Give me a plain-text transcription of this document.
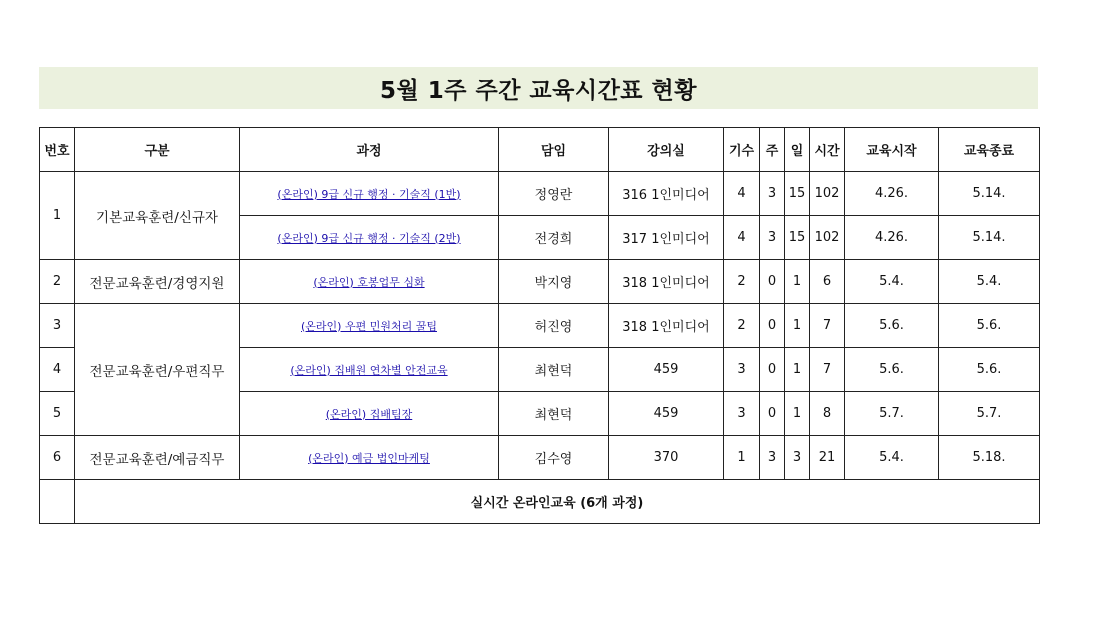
5월 1주 주간 교육시간표 현황
번호	구분	과정	담임	강의실	기수	주	일	시간	교육시작	교육종료
1	기본교육훈련/신규자	(온라인) 9급 신규 행정 · 기술직 (1반)	정영란	316 1인미디어	4	3	15	102	4.26.	5.14.
		(온라인) 9급 신규 행정 · 기술직 (2반)	전경희	317 1인미디어	4	3	15	102	4.26.	5.14.
2	전문교육훈련/경영지원	(온라인) 호봉업무 심화	박지영	318 1인미디어	2	0	1	6	5.4.	5.4.
3	전문교육훈련/우편직무	(온라인) 우편 민원처리 꿀팁	허진영	318 1인미디어	2	0	1	7	5.6.	5.6.
4		(온라인) 집배원 연차별 안전교육	최현덕	459	3	0	1	7	5.6.	5.6.
5		(온라인) 집배팀장	최현덕	459	3	0	1	8	5.7.	5.7.
6	전문교육훈련/예금직무	(온라인) 예금 법인마케팅	김수영	370	1	3	3	21	5.4.	5.18.
	실시간 온라인교육 (6개 과정)									
